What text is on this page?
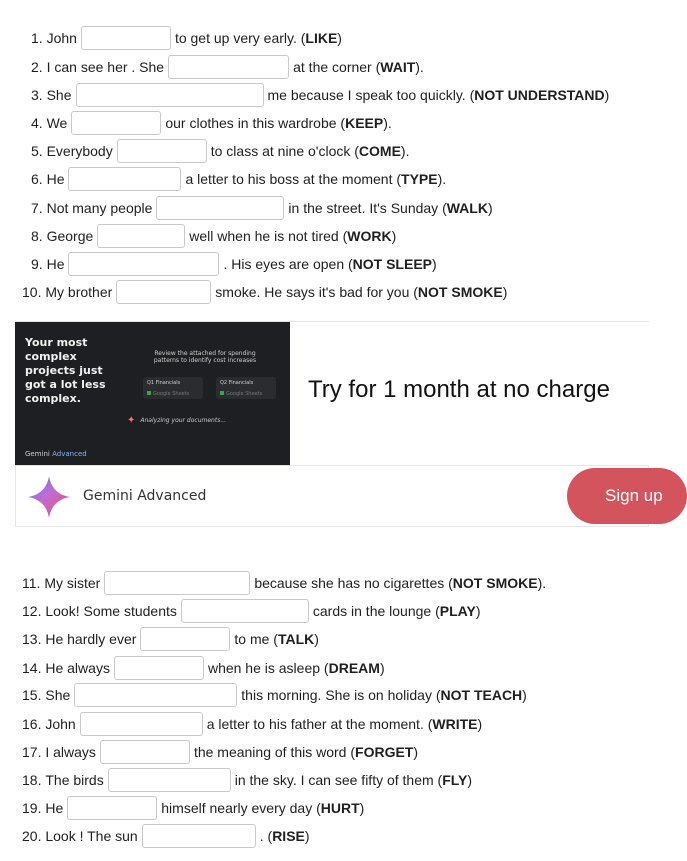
1.
John	to get up very early. ( LIKE )
2.
I can see her . She	at the corner ( WAIT ).
3.
She	me because I speak too quickly. ( NOT UNDERSTAND )
4.
We	our clothes in this wardrobe ( KEEP ).
5.
Everybody	to class at nine o'clock ( COME ).
6.
He	a letter to his boss at the moment ( TYPE ).
7.
Not many people	in the street. It's Sunday ( WALK )
8.
George	well when he is not tired ( WORK )
9.
He	. His eyes are open ( NOT SLEEP )
10.
My brother	smoke. He says it's bad for you ( NOT SMOKE )
11.
My sister	because she has no cigarettes ( NOT SMOKE ).
12.
Look! Some students	cards in the lounge ( PLAY )
13.
He hardly ever	to me ( TALK )
14.
He always	when he is asleep ( DREAM )
15.
She	this morning. She is on holiday ( NOT TEACH )
16.
John	a letter to his father at the moment. ( WRITE )
17.
I always	the meaning of this word ( FORGET )
18.
The birds	in the sky. I can see fifty of them ( FLY )
19.
He	himself nearly every day ( HURT )
20.
Look ! The sun	. ( RISE )
Your most complex projects just got a lot less complex.
Review the attached for spending patterns to identify cost increases
Q1 Financials
Google Sheets
Q2 Financials
Google Sheets
✦ Analyzing your documents...
Gemini Advanced
Try for 1 month at no charge
Gemini Advanced	Sign up
